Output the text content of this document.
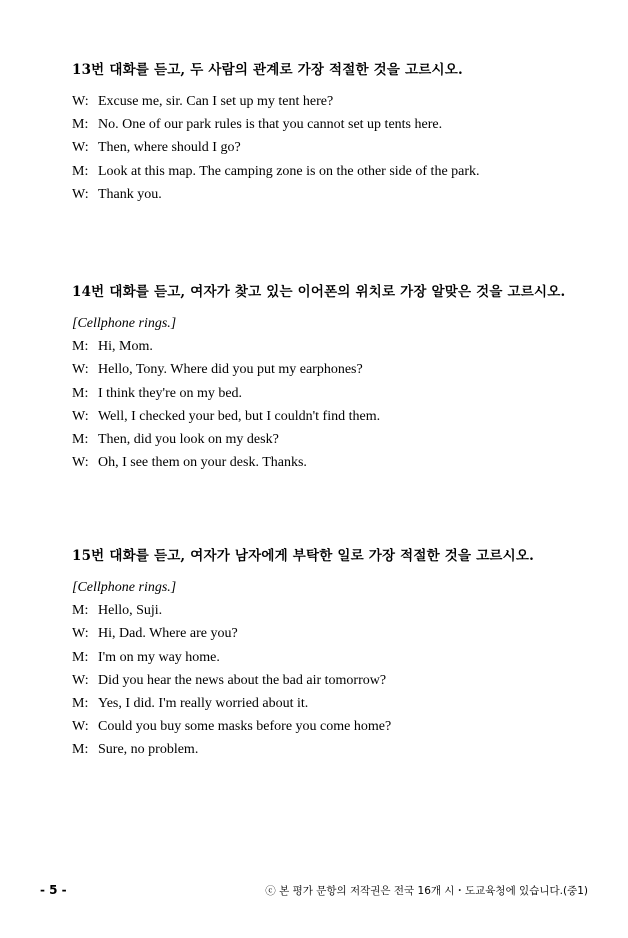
13번 대화를 듣고, 두 사람의 관계로 가장 적절한 것을 고르시오.

W: Excuse me, sir. Can I set up my tent here?
M: No. One of our park rules is that you cannot set up tents here.
W: Then, where should I go?
M: Look at this map. The camping zone is on the other side of the park.
W: Thank you.

14번 대화를 듣고, 여자가 찾고 있는 이어폰의 위치로 가장 알맞은 것을 고르시오.

[Cellphone rings.]
M: Hi, Mom.
W: Hello, Tony. Where did you put my earphones?
M: I think they're on my bed.
W: Well, I checked your bed, but I couldn't find them.
M: Then, did you look on my desk?
W: Oh, I see them on your desk. Thanks.

15번 대화를 듣고, 여자가 남자에게 부탁한 일로 가장 적절한 것을 고르시오.

[Cellphone rings.]
M: Hello, Suji.
W: Hi, Dad. Where are you?
M: I'm on my way home.
W: Did you hear the news about the bad air tomorrow?
M: Yes, I did. I'm really worried about it.
W: Could you buy some masks before you come home?
M: Sure, no problem.
- 5 -	ⓒ 본 평가 문항의 저작권은 전국 16개 시・도교육청에 있습니다.(중1)
